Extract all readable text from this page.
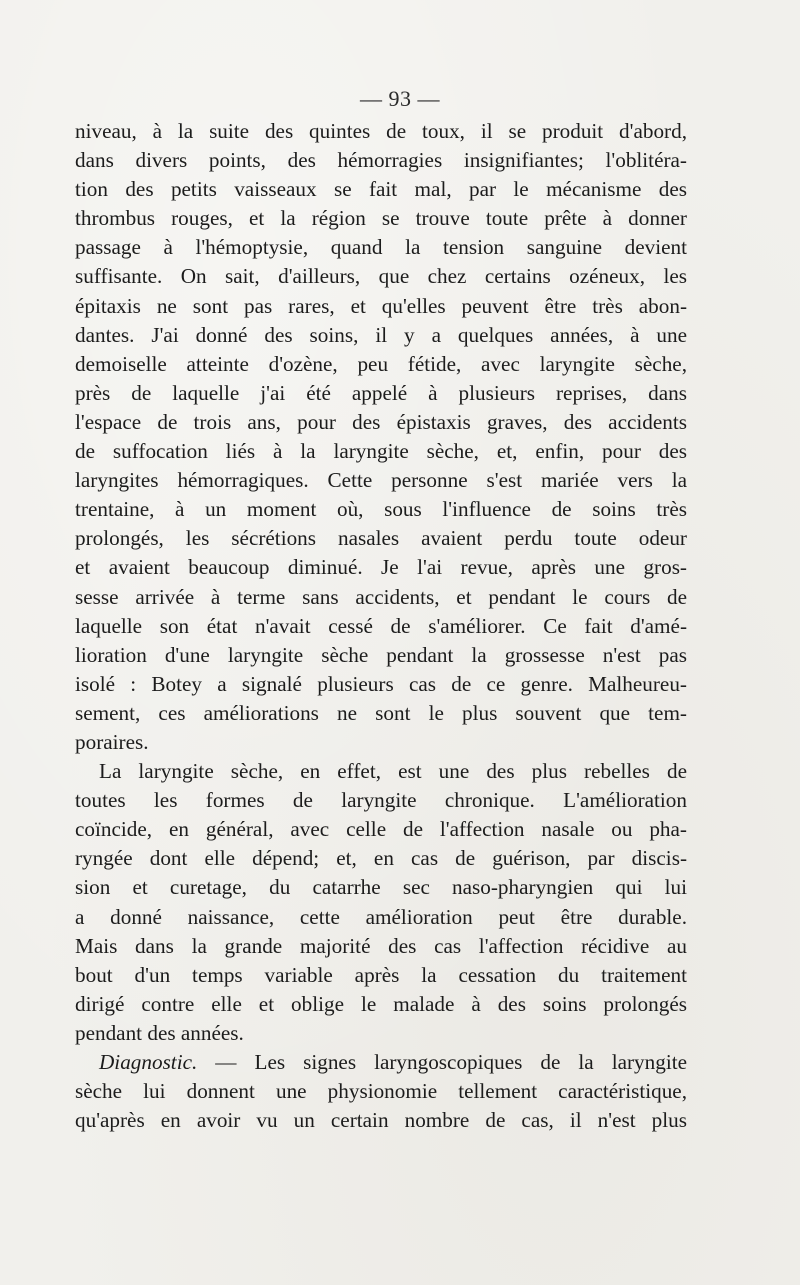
— 93 —
niveau, à la suite des quintes de toux, il se produit d'abord,
dans divers points, des hémorragies insignifiantes; l'oblitéra-
tion des petits vaisseaux se fait mal, par le mécanisme des
thrombus rouges, et la région se trouve toute prête à donner
passage à l'hémoptysie, quand la tension sanguine devient
suffisante. On sait, d'ailleurs, que chez certains ozéneux, les
épitaxis ne sont pas rares, et qu'elles peuvent être très abon-
dantes. J'ai donné des soins, il y a quelques années, à une
demoiselle atteinte d'ozène, peu fétide, avec laryngite sèche,
près de laquelle j'ai été appelé à plusieurs reprises, dans
l'espace de trois ans, pour des épistaxis graves, des accidents
de suffocation liés à la laryngite sèche, et, enfin, pour des
laryngites hémorragiques. Cette personne s'est mariée vers la
trentaine, à un moment où, sous l'influence de soins très
prolongés, les sécrétions nasales avaient perdu toute odeur
et avaient beaucoup diminué. Je l'ai revue, après une gros-
sesse arrivée à terme sans accidents, et pendant le cours de
laquelle son état n'avait cessé de s'améliorer. Ce fait d'amé-
lioration d'une laryngite sèche pendant la grossesse n'est pas
isolé : Botey a signalé plusieurs cas de ce genre. Malheureu-
sement, ces améliorations ne sont le plus souvent que tem-
poraires.
La laryngite sèche, en effet, est une des plus rebelles de
toutes les formes de laryngite chronique. L'amélioration
coïncide, en général, avec celle de l'affection nasale ou pha-
ryngée dont elle dépend; et, en cas de guérison, par discis-
sion et curetage, du catarrhe sec naso-pharyngien qui lui
a donné naissance, cette amélioration peut être durable.
Mais dans la grande majorité des cas l'affection récidive au
bout d'un temps variable après la cessation du traitement
dirigé contre elle et oblige le malade à des soins prolongés
pendant des années.
Diagnostic. — Les signes laryngoscopiques de la laryngite
sèche lui donnent une physionomie tellement caractéristique,
qu'après en avoir vu un certain nombre de cas, il n'est plus
